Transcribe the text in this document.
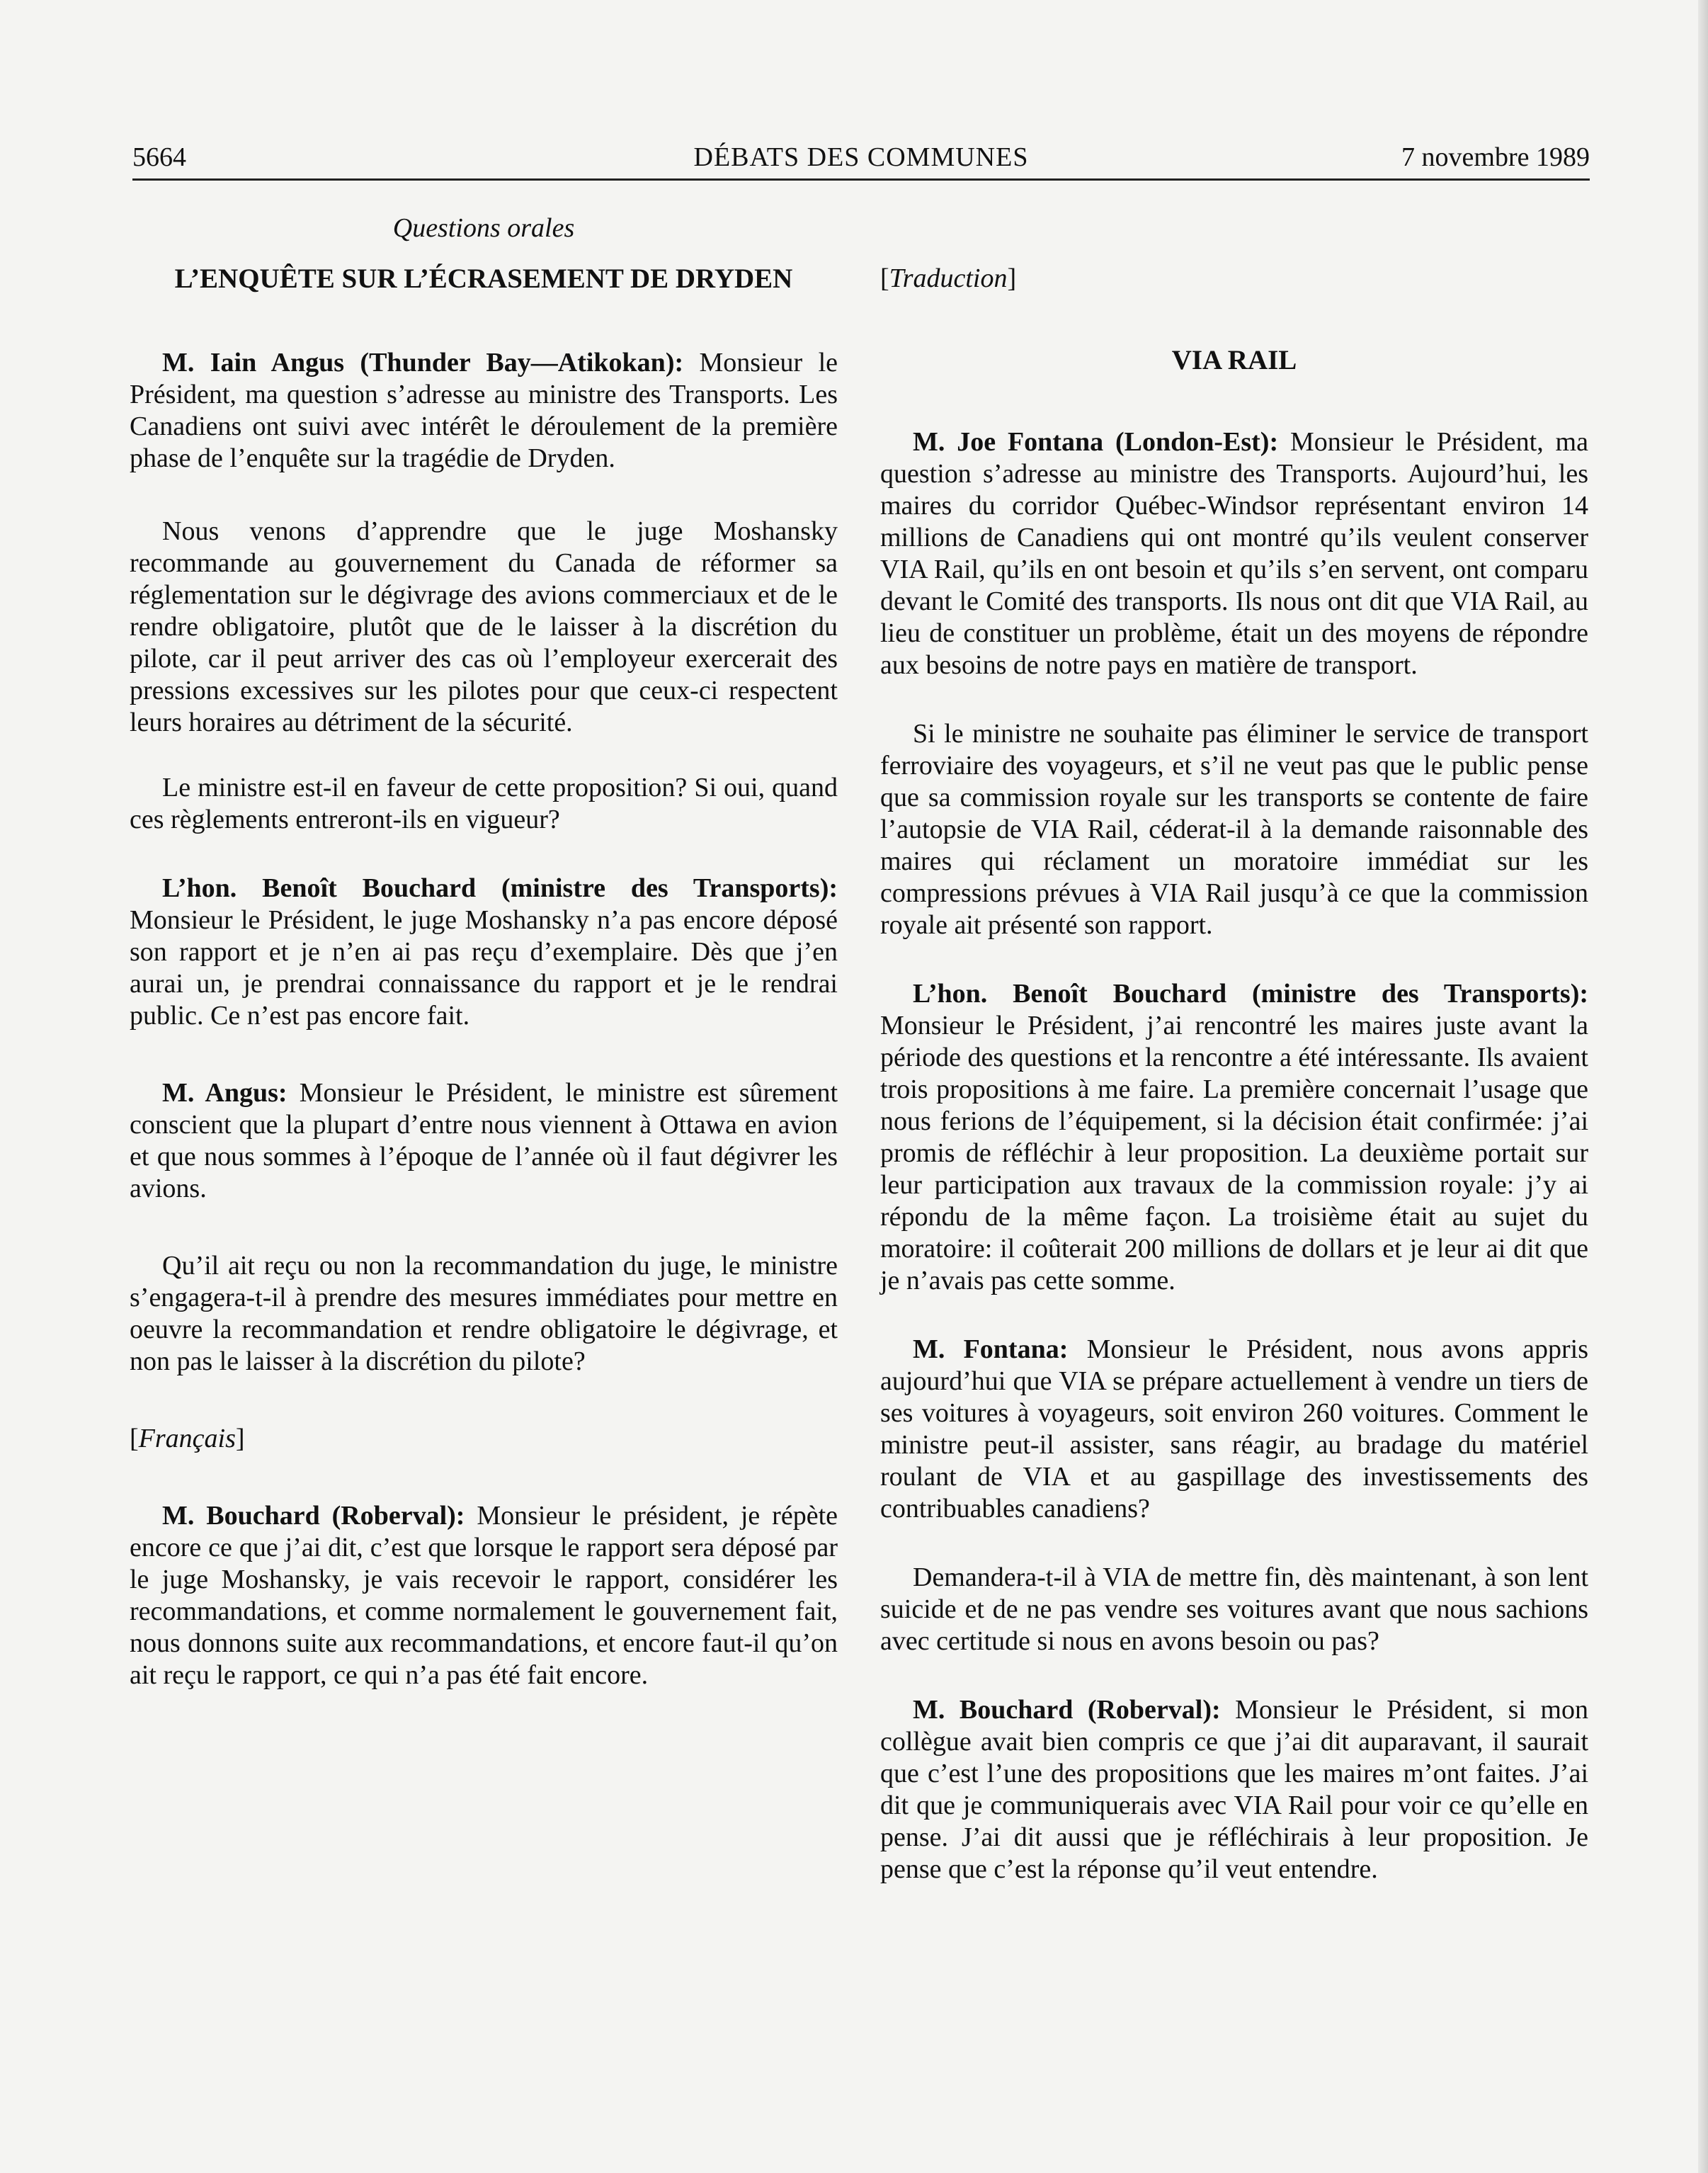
5664	DÉBATS DES COMMUNES	7 novembre 1989
Questions orales
L’ENQUÊTE SUR L’ÉCRASEMENT DE DRYDEN

M. Iain Angus (Thunder Bay—Atikokan): Monsieur le Président, ma question s’adresse au ministre des Transports. Les Canadiens ont suivi avec intérêt le déroulement de la première phase de l’enquête sur la tragédie de Dryden.

Nous venons d’apprendre que le juge Moshansky recommande au gouvernement du Canada de réformer sa réglementation sur le dégivrage des avions commerciaux et de le rendre obligatoire, plutôt que de le laisser à la discrétion du pilote, car il peut arriver des cas où l’employeur exercerait des pressions excessives sur les pilotes pour que ceux-ci respectent leurs horaires au détriment de la sécurité.

Le ministre est-il en faveur de cette proposition? Si oui, quand ces règlements entreront-ils en vigueur?

L’hon. Benoît Bouchard (ministre des Transports): Monsieur le Président, le juge Moshansky n’a pas encore déposé son rapport et je n’en ai pas reçu d’exemplaire. Dès que j’en aurai un, je prendrai connaissance du rapport et je le rendrai public. Ce n’est pas encore fait.

M. Angus: Monsieur le Président, le ministre est sûrement conscient que la plupart d’entre nous viennent à Ottawa en avion et que nous sommes à l’époque de l’année où il faut dégivrer les avions.

Qu’il ait reçu ou non la recommandation du juge, le ministre s’engagera-t-il à prendre des mesures immédiates pour mettre en oeuvre la recommandation et rendre obligatoire le dégivrage, et non pas le laisser à la discrétion du pilote?

[Français]

M. Bouchard (Roberval): Monsieur le président, je répète encore ce que j’ai dit, c’est que lorsque le rapport sera déposé par le juge Moshansky, je vais recevoir le rapport, considérer les recommandations, et comme normalement le gouvernement fait, nous donnons suite aux recommandations, et encore faut-il qu’on ait reçu le rapport, ce qui n’a pas été fait encore.

[Traduction]
VIA RAIL

M. Joe Fontana (London-Est): Monsieur le Président, ma question s’adresse au ministre des Transports. Aujourd’hui, les maires du corridor Québec-Windsor représentant environ 14 millions de Canadiens qui ont montré qu’ils veulent conserver VIA Rail, qu’ils en ont besoin et qu’ils s’en servent, ont comparu devant le Comité des transports. Ils nous ont dit que VIA Rail, au lieu de constituer un problème, était un des moyens de répondre aux besoins de notre pays en matière de transport.

Si le ministre ne souhaite pas éliminer le service de transport ferroviaire des voyageurs, et s’il ne veut pas que le public pense que sa commission royale sur les transports se contente de faire l’autopsie de VIA Rail, céderat-il à la demande raisonnable des maires qui réclament un moratoire immédiat sur les compressions prévues à VIA Rail jusqu’à ce que la commission royale ait présenté son rapport.

L’hon. Benoît Bouchard (ministre des Transports): Monsieur le Président, j’ai rencontré les maires juste avant la période des questions et la rencontre a été intéressante. Ils avaient trois propositions à me faire. La première concernait l’usage que nous ferions de l’équipement, si la décision était confirmée: j’ai promis de réfléchir à leur proposition. La deuxième portait sur leur participation aux travaux de la commission royale: j’y ai répondu de la même façon. La troisième était au sujet du moratoire: il coûterait 200 millions de dollars et je leur ai dit que je n’avais pas cette somme.

M. Fontana: Monsieur le Président, nous avons appris aujourd’hui que VIA se prépare actuellement à vendre un tiers de ses voitures à voyageurs, soit environ 260 voitures. Comment le ministre peut-il assister, sans réagir, au bradage du matériel roulant de VIA et au gaspillage des investissements des contribuables canadiens?

Demandera-t-il à VIA de mettre fin, dès maintenant, à son lent suicide et de ne pas vendre ses voitures avant que nous sachions avec certitude si nous en avons besoin ou pas?

M. Bouchard (Roberval): Monsieur le Président, si mon collègue avait bien compris ce que j’ai dit auparavant, il saurait que c’est l’une des propositions que les maires m’ont faites. J’ai dit que je communiquerais avec VIA Rail pour voir ce qu’elle en pense. J’ai dit aussi que je réfléchirais à leur proposition. Je pense que c’est la réponse qu’il veut entendre.
